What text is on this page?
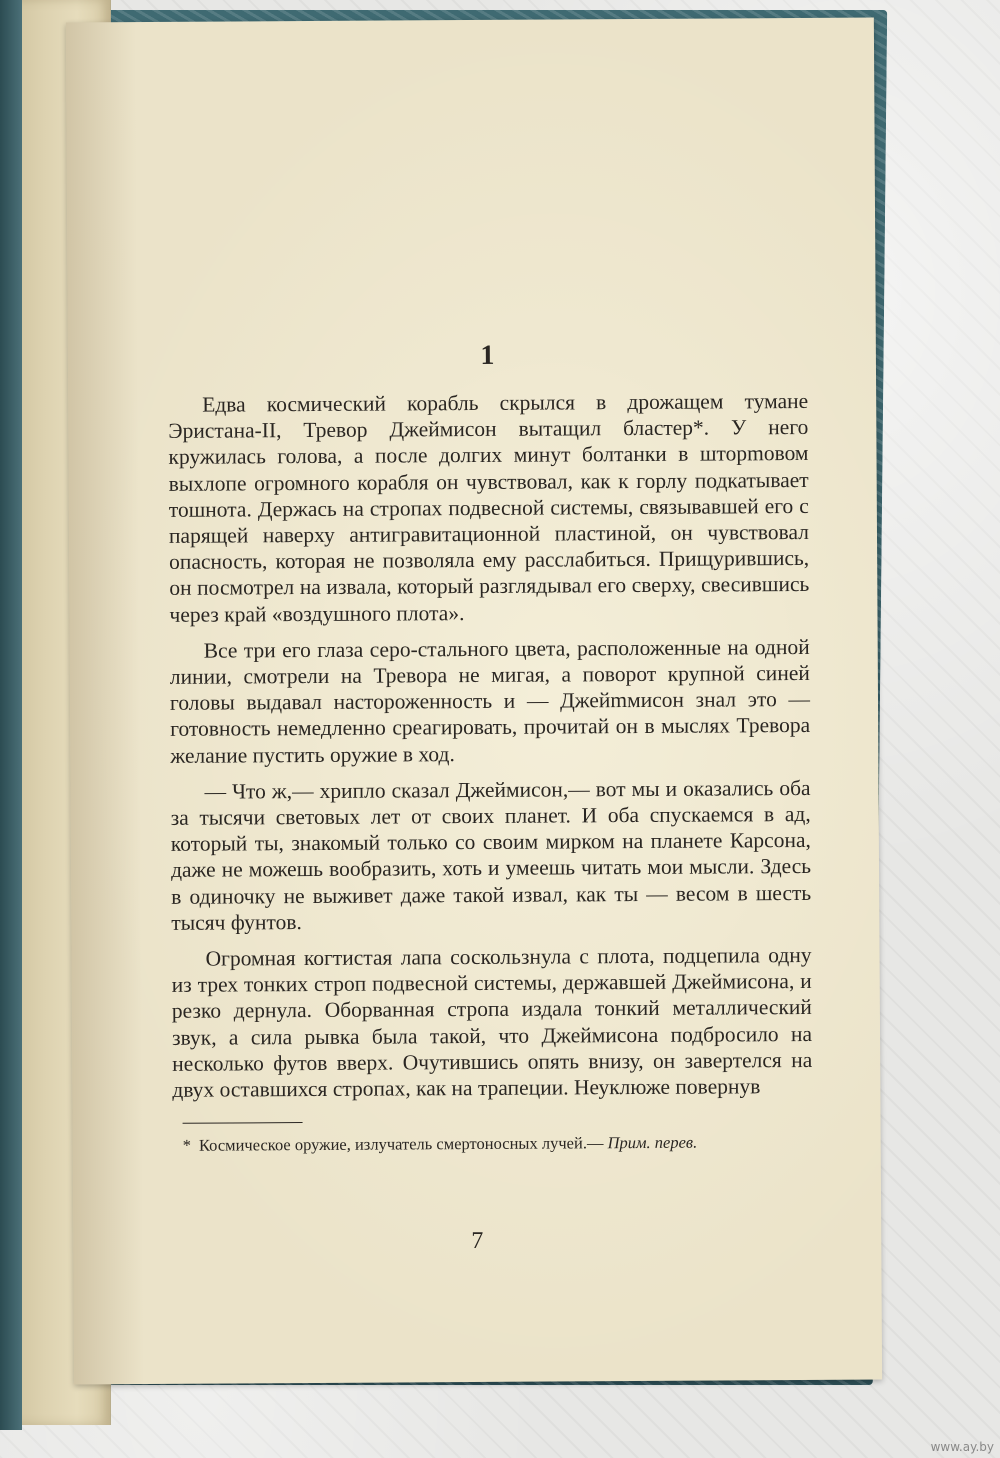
1

Едва космический корабль скрылся в дрожащем тумане Эристана-II, Тревор Джеймисон вытащил бластер*. У него кружилась голова, а после долгих минут болтанки в шторmовом выхлопе огромного корабля он чувствовал, как к горлу подкатывает тошнота. Держась на стропах подвесной системы, связывавшей его с парящей наверху антигравитационной пластиной, он чувствовал опасность, которая не позволяла ему расслабиться. Прищурившись, он посмотрел на извала, который разглядывал его сверху, свесившись через край «воздушного плота».

Все три его глаза серо-стального цвета, расположенные на одной линии, смотрели на Тревора не мигая, а поворот крупной синей головы выдавал настороженность и — Джейmмисон знал это — готовность немедленно среагировать, прочитай он в мыслях Тревора желание пустить оружие в ход.

— Что ж,— хрипло сказал Джеймисон,— вот мы и оказались оба за тысячи световых лет от своих планет. И оба спускаемся в ад, который ты, знакомый только со своим мирком на планете Карсона, даже не можешь вообразить, хоть и умеешь читать мои мысли. Здесь в одиночку не выживет даже такой извал, как ты — весом в шесть тысяч фунтов.

Огромная когтистая лапа соскользнула с плота, подцепила одну из трех тонких строп подвесной системы, державшей Джеймисона, и резко дернула. Оборванная стропа издала тонкий металлический звук, а сила рывка была такой, что Джеймисона подбросило на несколько футов вверх. Очутившись опять внизу, он завертелся на двух оставшихся стропах, как на трапеции. Неуклюже повернув

* Космическое оружие, излучатель смертоносных лучей.— Прим. перев.

7
www.ay.by
